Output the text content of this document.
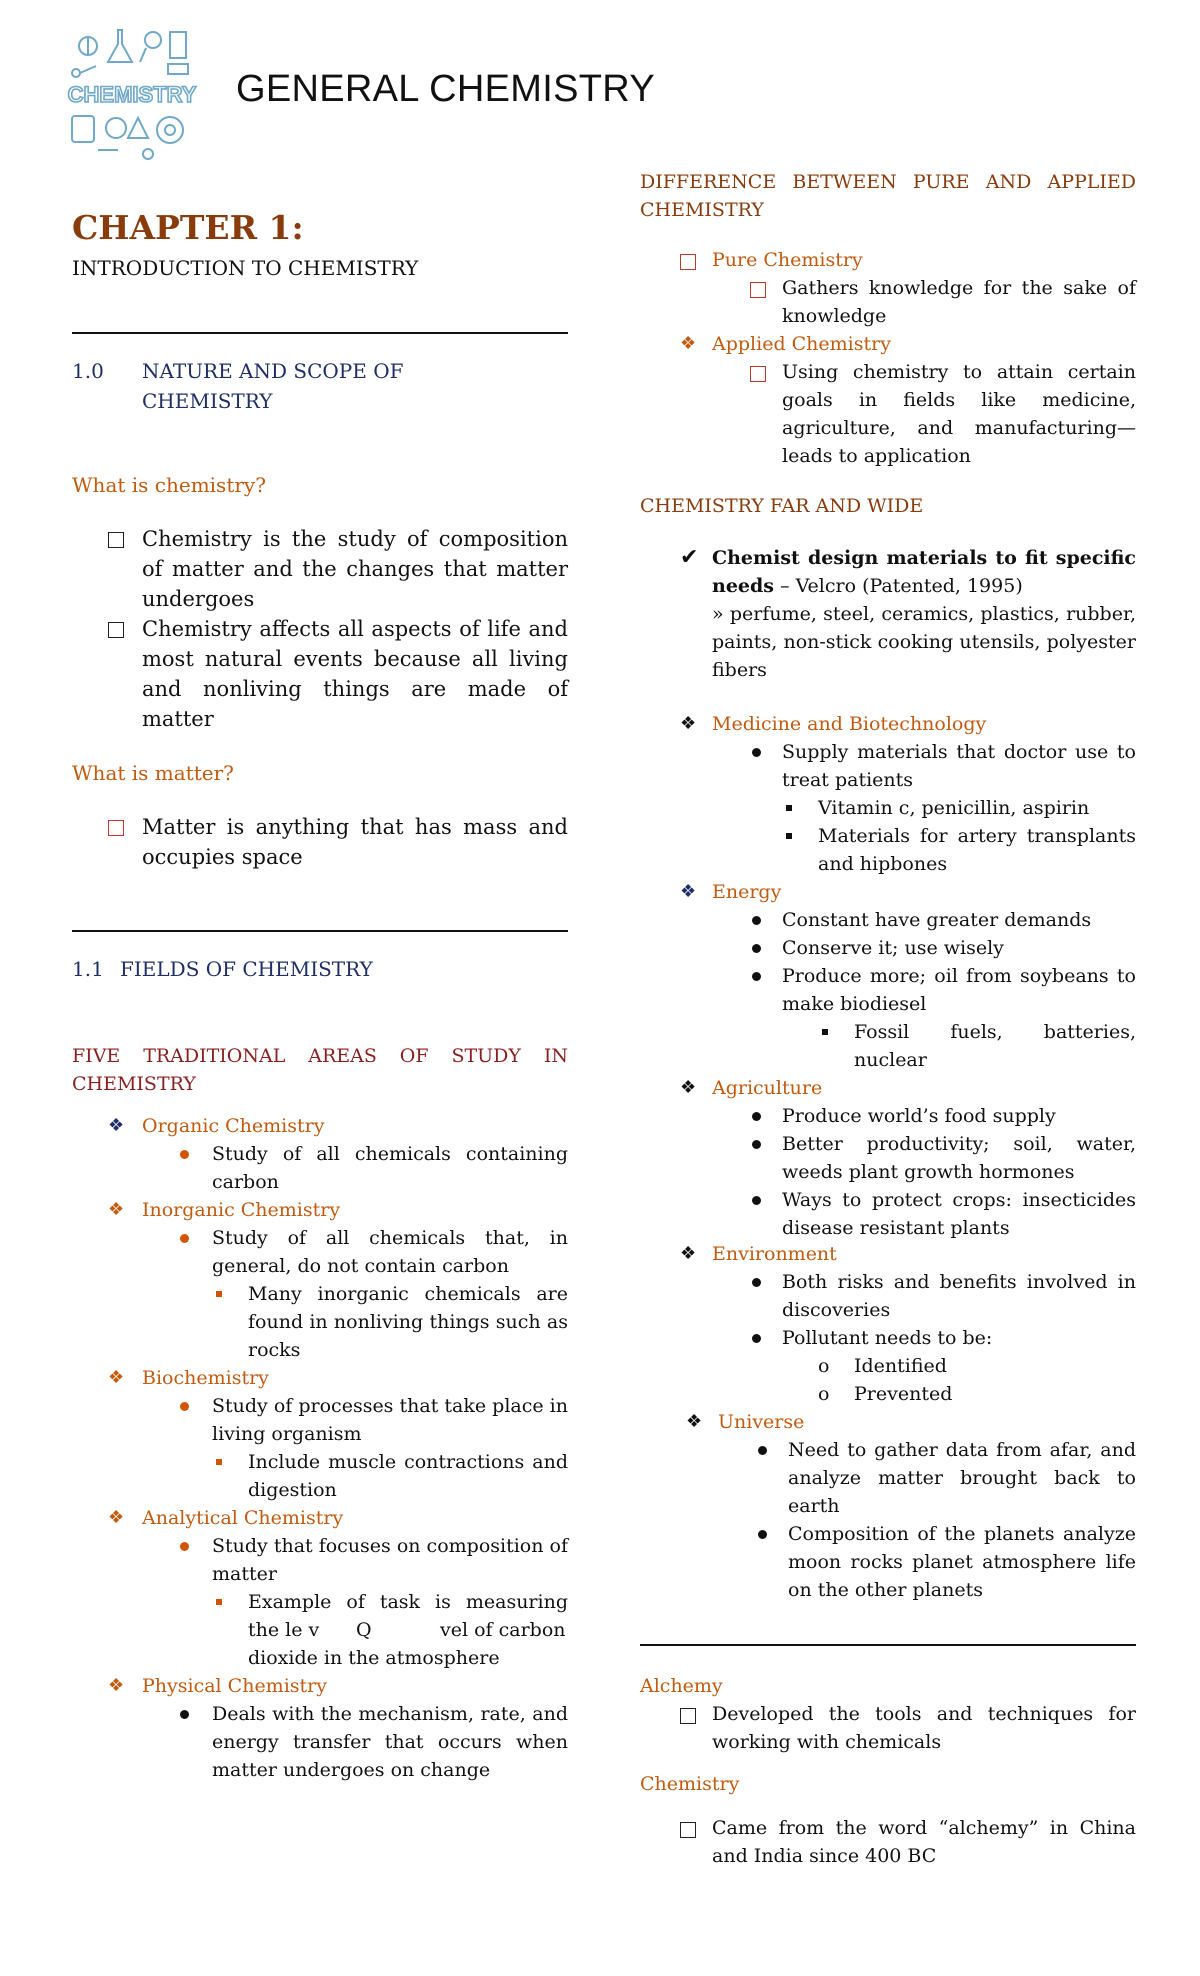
CHEMISTRY GENERAL CHEMISTRY
CHAPTER 1:
INTRODUCTION TO CHEMISTRY
1.0 NATURE AND SCOPE OF
CHEMISTRY
What is chemistry?
Chemistry is the study of composition of matter and the changes that matter undergoes
Chemistry affects all aspects of life and most natural events because all living and nonliving things are made of matter
What is matter?
Matter is anything that has mass and occupies space
1.1 FIELDS OF CHEMISTRY
FIVE TRADITIONAL AREAS OF STUDY IN CHEMISTRY
❖ Organic Chemistry
Study of all chemicals containing carbon
❖ Inorganic Chemistry
Study of all chemicals that, in general, do not contain carbon
Many inorganic chemicals are found in nonliving things such as rocks
❖ Biochemistry
Study of processes that take place in living organism
Include muscle contractions and digestion
❖ Analytical Chemistry
Study that focuses on composition of matter
Example of task is measuring
the le v Q	vel of carbon
dioxide in the atmosphere
❖ Physical Chemistry
Deals with the mechanism, rate, and energy transfer that occurs when matter undergoes on change
DIFFERENCE BETWEEN PURE AND APPLIED CHEMISTRY
Pure Chemistry
Gathers knowledge for the sake of knowledge
❖ Applied Chemistry
Using chemistry to attain certain goals in fields like medicine, agriculture, and manufacturing—leads to application
CHEMISTRY FAR AND WIDE
✔ Chemist design materials to fit specific needs – Velcro (Patented, 1995)
» perfume, steel, ceramics, plastics, rubber, paints, non-stick cooking utensils, polyester fibers
❖ Medicine and Biotechnology
Supply materials that doctor use to treat patients
Vitamin c, penicillin, aspirin
Materials for artery transplants and hipbones
❖ Energy
Constant have greater demands
Conserve it; use wisely
Produce more; oil from soybeans to make biodiesel
Fossil fuels, batteries, nuclear
❖ Agriculture
Produce world’s food supply
Better productivity; soil, water, weeds plant growth hormones
Ways to protect crops: insecticides disease resistant plants
❖ Environment
Both risks and benefits involved in discoveries
Pollutant needs to be:
o Identified
o Prevented
❖ Universe
Need to gather data from afar, and analyze matter brought back to earth
Composition of the planets analyze moon rocks planet atmosphere life on the other planets
Alchemy
Developed the tools and techniques for working with chemicals
Chemistry
Came from the word “alchemy” in China and India since 400 BC
